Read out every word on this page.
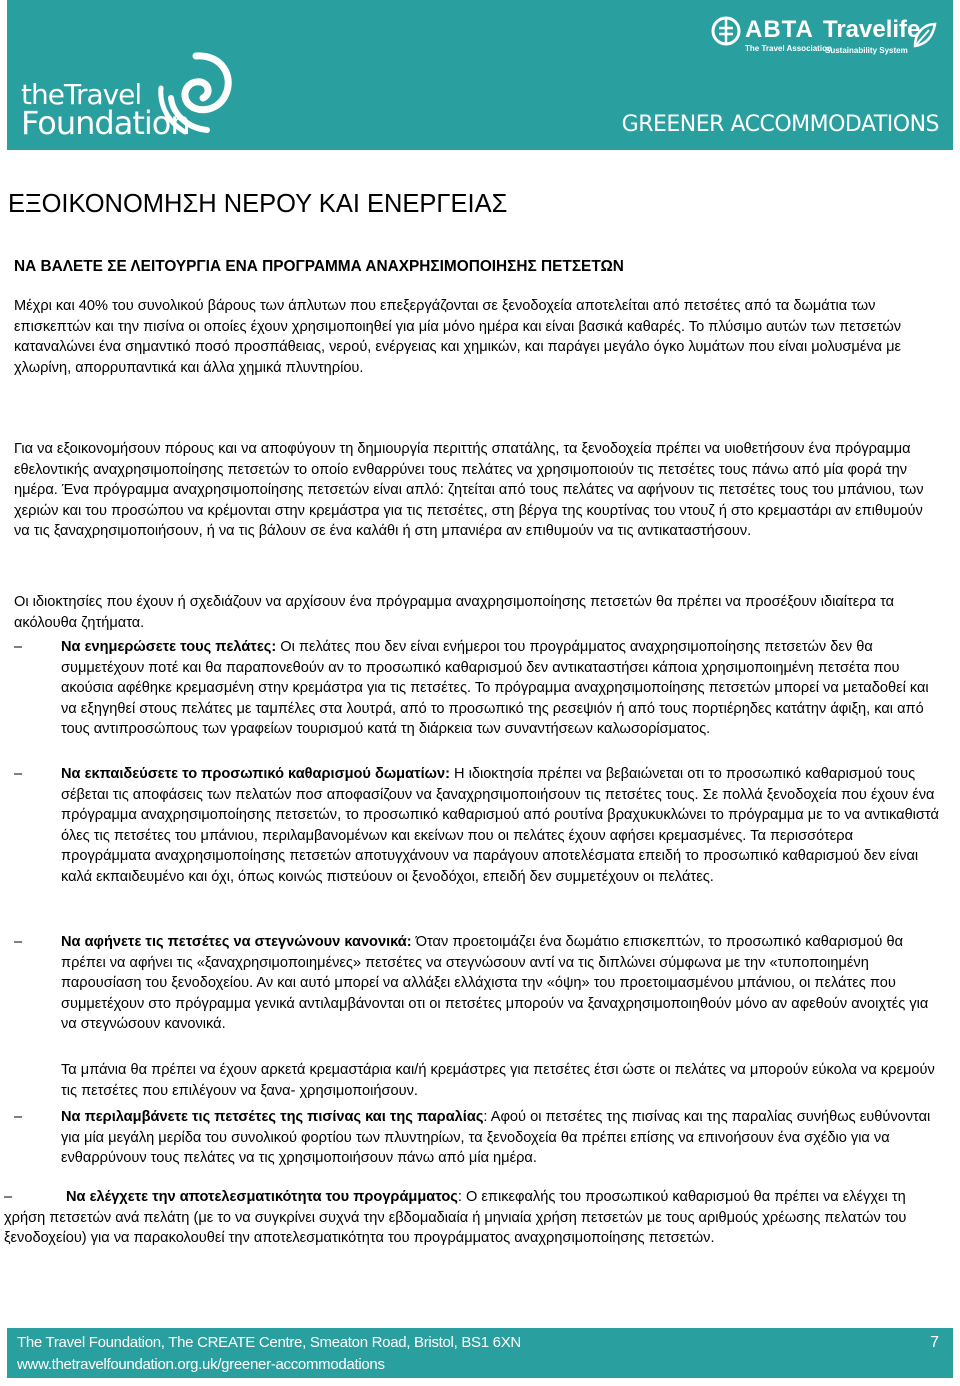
theTravel
Foundation
ABTA
The Travel Association
Travelife
Sustainability System
GREENER ACCOMMODATIONS
ΕΞΟΙΚΟΝΟΜΗΣΗ ΝΕΡΟΥ ΚΑΙ ΕΝΕΡΓΕΙΑΣ
ΝΑ ΒΑΛΕΤΕ ΣΕ ΛΕΙΤΟΥΡΓΙΑ ΕΝΑ ΠΡΟΓΡΑΜΜΑ ΑΝΑΧΡΗΣΙΜΟΠΟΙΗΣΗΣ ΠΕΤΣΕΤΩΝ

Μέχρι και 40% του συνολικού βάρους των άπλυτων που επεξεργάζονται σε ξενοδοχεία αποτελείται από πετσέτες από τα δωμάτια των επισκεπτών και την πισίνα οι οποίες έχουν χρησιμοποιηθεί για μία μόνο ημέρα και είναι βασικά καθαρές. Το πλύσιμο αυτών των πετσετών καταναλώνει ένα σημαντικό ποσό προσπάθειας, νερού, ενέργειας και χημικών, και παράγει μεγάλο όγκο λυμάτων που είναι μολυσμένα με χλωρίνη, απορρυπαντικά και άλλα χημικά πλυντηρίου.

Για να εξοικονομήσουν πόρους και να αποφύγουν τη δημιουργία περιττής σπατάλης, τα ξενοδοχεία πρέπει να υιοθετήσουν ένα πρόγραμμα εθελοντικής αναχρησιμοποίησης πετσετών το οποίο ενθαρρύνει τους πελάτες να χρησιμοποιούν τις πετσέτες τους πάνω από μία φορά την ημέρα. Ένα πρόγραμμα αναχρησιμοποίησης πετσετών είναι απλό: ζητείται από τους πελάτες να αφήνουν τις πετσέτες τους του μπάνιου, των χεριών και του προσώπου να κρέμονται στην κρεμάστρα για τις πετσέτες, στη βέργα της κουρτίνας του ντουζ ή στο κρεμαστάρι αν επιθυμούν να τις ξαναχρησιμοποιήσουν, ή να τις βάλουν σε ένα καλάθι ή στη μπανιέρα αν επιθυμούν να τις αντικαταστήσουν.

Οι ιδιοκτησίες που έχουν ή σχεδιάζουν να αρχίσουν ένα πρόγραμμα αναχρησιμοποίησης πετσετών θα πρέπει να προσέξουν ιδιαίτερα τα ακόλουθα ζητήματα.

–	Να ενημερώσετε τους πελάτες: Οι πελάτες που δεν είναι ενήμεροι του προγράμματος αναχρησιμοποίησης πετσετών δεν θα συμμετέχουν ποτέ και θα παραπονεθούν αν το προσωπικό καθαρισμού δεν αντικαταστήσει κάποια χρησιμοποιημένη πετσέτα που ακούσια αφέθηκε κρεμασμένη στην κρεμάστρα για τις πετσέτες. Το πρόγραμμα αναχρησιμοποίησης πετσετών μπορεί να μεταδοθεί και να εξηγηθεί στους πελάτες με ταμπέλες στα λουτρά, από το προσωπικό της ρεσεψιόν ή από τους πορτιέρηδες κατάτην άφιξη, και από τους αντιπροσώπους των γραφείων τουρισμού κατά τη διάρκεια των συναντήσεων καλωσορίσματος.
–	Να εκπαιδεύσετε το προσωπικό καθαρισμού δωματίων: Η ιδιοκτησία πρέπει να βεβαιώνεται οτι το προσωπικό καθαρισμού τους σέβεται τις αποφάσεις των πελατών ποσ αποφασίζουν να ξαναχρησιμοποιήσουν τις πετσέτες τους. Σε πολλά ξενοδοχεία που έχουν ένα πρόγραμμα αναχρησιμοποίησης πετσετών, το προσωπικό καθαρισμού από ρουτίνα βραχυκυκλώνει το πρόγραμμα με το να αντικαθιστά όλες τις πετσέτες του μπάνιου, περιλαμβανομένων και εκείνων που οι πελάτες έχουν αφήσει κρεμασμένες. Τα περισσότερα προγράμματα αναχρησιμοποίησης πετσετών αποτυγχάνουν να παράγουν αποτελέσματα επειδή το προσωπικό καθαρισμού δεν είναι καλά εκπαιδευμένο και όχι, όπως κοινώς πιστεύουν οι ξενοδόχοι, επειδή δεν συμμετέχουν οι πελάτες.
–	Να αφήνετε τις πετσέτες να στεγνώνουν κανονικά: Όταν προετοιμάζει ένα δωμάτιο επισκεπτών, το προσωπικό καθαρισμού θα πρέπει να αφήνει τις «ξαναχρησιμοποιημένες» πετσέτες να στεγνώσουν αντί να τις διπλώνει σύμφωνα με την «τυποποιημένη παρουσίαση του ξενοδοχείου. Αν και αυτό μπορεί να αλλάξει ελλάχιστα την «όψη» του προετοιμασμένου μπάνιου, οι πελάτες που συμμετέχουν στο πρόγραμμα γενικά αντιλαμβάνονται οτι οι πετσέτες μπορούν να ξαναχρησιμοποιηθούν μόνο αν αφεθούν ανοιχτές για να στεγνώσουν κανονικά.
Τα μπάνια θα πρέπει να έχουν αρκετά κρεμαστάρια και/ή κρεμάστρες για πετσέτες έτσι ώστε οι πελάτες να μπορούν εύκολα να κρεμούν τις πετσέτες που επιλέγουν να ξανα- χρησιμοποιήσουν.
–	Να περιλαμβάνετε τις πετσέτες της πισίνας και της παραλίας: Αφού οι πετσέτες της πισίνας και της παραλίας συνήθως ευθύνονται για μία μεγάλη μερίδα του συνολικού φορτίου των πλυντηρίων, τα ξενοδοχεία θα πρέπει επίσης να επινοήσουν ένα σχέδιο για να ενθαρρύνουν τους πελάτες να τις χρησιμοποιήσουν πάνω από μία ημέρα.
–	Να ελέγχετε την αποτελεσματικότητα του προγράμματος: Ο επικεφαλής του προσωπικού καθαρισμού θα πρέπει να ελέγχει τη χρήση πετσετών ανά πελάτη (με το να συγκρίνει συχνά την εβδομαδιαία ή μηνιαία χρήση πετσετών με τους αριθμούς χρέωσης πελατών του ξενοδοχείου) για να παρακολουθεί την αποτελεσματικότητα του προγράμματος αναχρησιμοποίησης πετσετών.
The Travel Foundation, The CREATE Centre, Smeaton Road, Bristol, BS1 6XN
www.thetravelfoundation.org.uk/greener-accommodations
7
